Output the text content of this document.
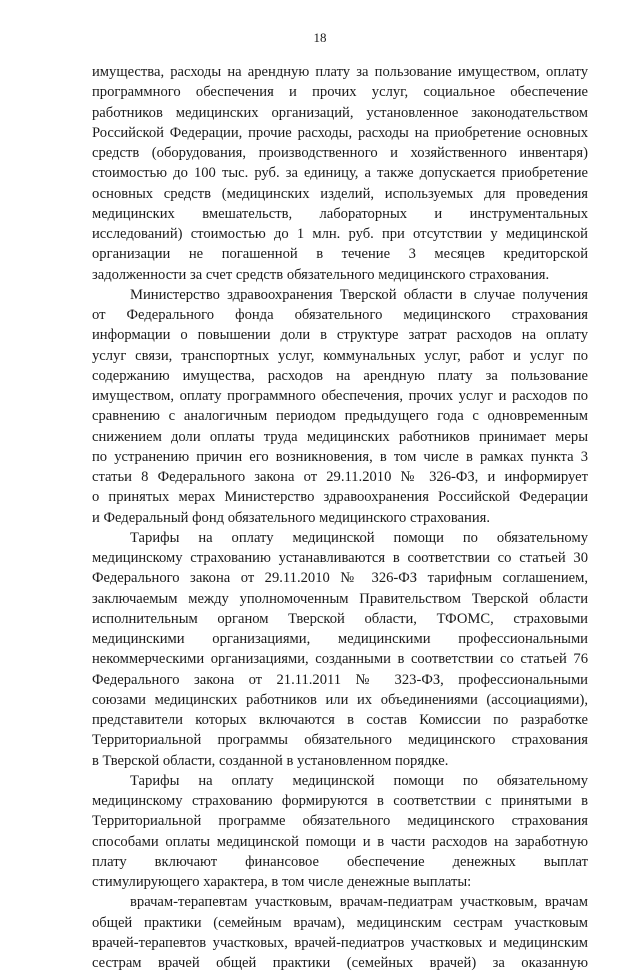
18
имущества, расходы на арендную плату за пользование имуществом, оплату
программного обеспечения и прочих услуг, социальное обеспечение
работников медицинских организаций, установленное законодательством
Российской Федерации, прочие расходы, расходы на приобретение основных
средств (оборудования, производственного и хозяйственного инвентаря)
стоимостью до 100 тыс. руб. за единицу, а также допускается приобретение
основных средств (медицинских изделий, используемых для проведения
медицинских вмешательств, лабораторных и инструментальных
исследований) стоимостью до 1 млн. руб. при отсутствии у медицинской
организации не погашенной в течение 3 месяцев кредиторской
задолженности за счет средств обязательного медицинского страхования.
Министерство здравоохранения Тверской области в случае получения
от Федерального фонда обязательного медицинского страхования
информации о повышении доли в структуре затрат расходов на оплату
услуг связи, транспортных услуг, коммунальных услуг, работ и услуг по
содержанию имущества, расходов на арендную плату за пользование
имуществом, оплату программного обеспечения, прочих услуг и расходов по
сравнению с аналогичным периодом предыдущего года с одновременным
снижением доли оплаты труда медицинских работников принимает меры
по устранению причин его возникновения, в том числе в рамках пункта 3
статьи 8 Федерального закона от 29.11.2010 № 326-ФЗ, и информирует
о принятых мерах Министерство здравоохранения Российской Федерации
и Федеральный фонд обязательного медицинского страхования.
Тарифы на оплату медицинской помощи по обязательному
медицинскому страхованию устанавливаются в соответствии со статьей 30
Федерального закона от 29.11.2010 № 326-ФЗ тарифным соглашением,
заключаемым между уполномоченным Правительством Тверской области
исполнительным органом Тверской области, ТФОМС, страховыми
медицинскими организациями, медицинскими профессиональными
некоммерческими организациями, созданными в соответствии со статьей 76
Федерального закона от 21.11.2011 № 323-ФЗ, профессиональными
союзами медицинских работников или их объединениями (ассоциациями),
представители которых включаются в состав Комиссии по разработке
Территориальной программы обязательного медицинского страхования
в Тверской области, созданной в установленном порядке.
Тарифы на оплату медицинской помощи по обязательному
медицинскому страхованию формируются в соответствии с принятыми в
Территориальной программе обязательного медицинского страхования
способами оплаты медицинской помощи и в части расходов на заработную
плату включают финансовое обеспечение денежных выплат
стимулирующего характера, в том числе денежные выплаты:
врачам-терапевтам участковым, врачам-педиатрам участковым, врачам
общей практики (семейным врачам), медицинским сестрам участковым
врачей-терапевтов участковых, врачей-педиатров участковых и медицинским
сестрам врачей общей практики (семейных врачей) за оказанную
